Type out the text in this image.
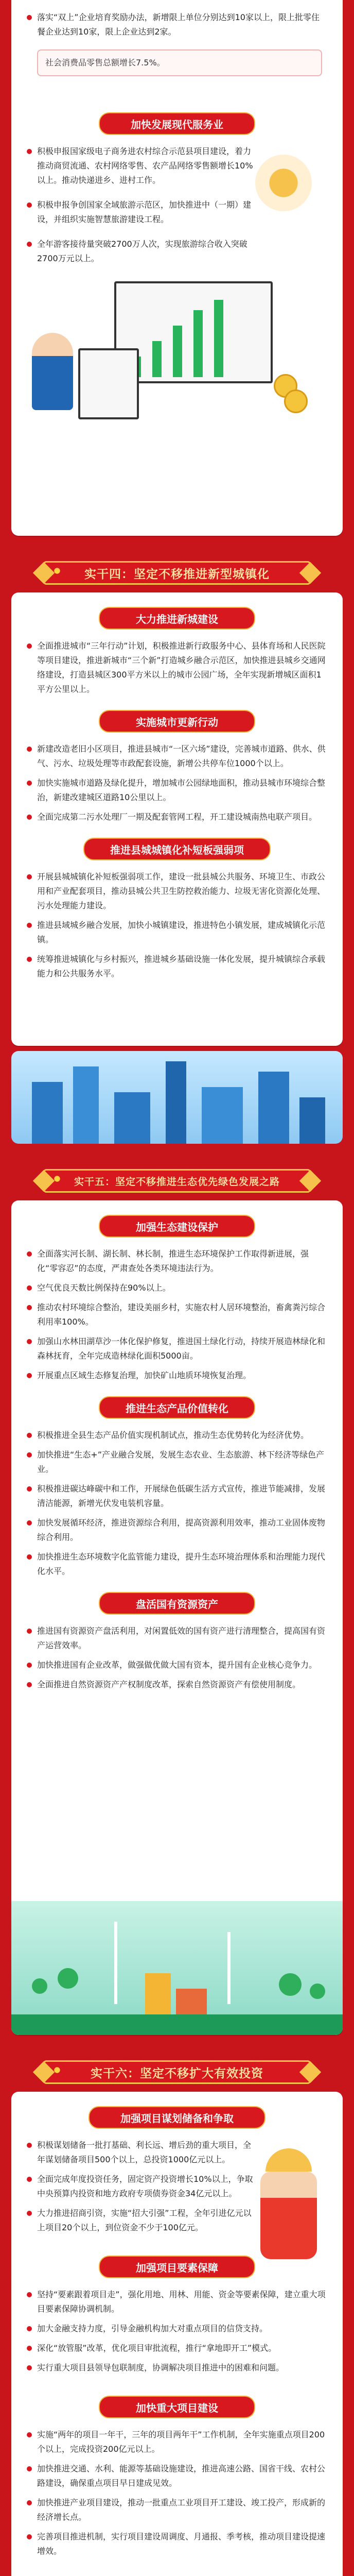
落实“双上”企业培育奖励办法，新增限上单位分别达到10家以上，限上批零住餐企业达到10家，限上企业达到2家。

社会消费品零售总额增长7.5%。
加快发展现代服务业

积极申报国家级电子商务进农村综合示范县项目建设，着力推动商贸流通、农村网络零售、农产品网络零售额增长10%以上。推动快递进乡、进村工作。

积极申报争创国家全域旅游示范区，加快推进中（一期）建设，并组织实施智慧旅游建设工程。

全年游客接待量突破2700万人次，实现旅游综合收入突破2700万元以上。

实干四：坚定不移推进新型城镇化
大力推进新城建设

全面推进城市“三年行动”计划，积极推进新行政服务中心、县体育场和人民医院等项目建设，推进新城市“三个新”打造城乡融合示范区，加快推进县城乡交通网络建设，打造县城区300平方米以上的城市公园广场，全年实现新增城区面积1平方公里以上。

实施城市更新行动

新建改造老旧小区项目，推进县城市“一区六场”建设，完善城市道路、供水、供气、污水、垃圾处理等市政配套设施，新增公共停车位1000个以上。

加快实施城市道路及绿化提升，增加城市公园绿地面积，推动县城市环境综合整治，新建改建城区道路10公里以上。

全面完成第二污水处理厂一期及配套管网工程，开工建设城南热电联产项目。

推进县城城镇化补短板强弱项

开展县城城镇化补短板强弱项工作，建设一批县城公共服务、环境卫生、市政公用和产业配套项目，推动县城公共卫生防控救治能力、垃圾无害化资源化处理、污水处理能力建设。

推进县域城乡融合发展，加快小城镇建设，推进特色小镇发展，建成城镇化示范镇。

统筹推进城镇化与乡村振兴，推进城乡基础设施一体化发展，提升城镇综合承载能力和公共服务水平。

实干五：坚定不移推进生态优先绿色发展之路
加强生态建设保护

全面落实河长制、湖长制、林长制，推进生态环境保护工作取得新进展，强化“零容忍”的态度，严肃查处各类环境违法行为。

空气优良天数比例保持在90%以上。

推动农村环境综合整治，建设美丽乡村，实施农村人居环境整治，畜禽粪污综合利用率100%。

加强山水林田湖草沙一体化保护修复，推进国土绿化行动，持续开展造林绿化和森林抚育，全年完成造林绿化面积5000亩。

开展重点区域生态修复治理，加快矿山地质环境恢复治理。

推进生态产品价值转化

积极推进全县生态产品价值实现机制试点，推动生态优势转化为经济优势。

加快推进“生态+”产业融合发展，发展生态农业、生态旅游、林下经济等绿色产业。

积极推进碳达峰碳中和工作，开展绿色低碳生活方式宣传，推进节能减排，发展清洁能源，新增光伏发电装机容量。

加快发展循环经济，推进资源综合利用，提高资源利用效率，推动工业固体废物综合利用。

加快推进生态环境数字化监管能力建设，提升生态环境治理体系和治理能力现代化水平。

盘活国有资源资产

推进国有资源资产盘活利用，对闲置低效的国有资产进行清理整合，提高国有资产运营效率。

加快推进国有企业改革，做强做优做大国有资本，提升国有企业核心竞争力。

全面推进自然资源资产产权制度改革，探索自然资源资产有偿使用制度。

实干六：坚定不移扩大有效投资
加强项目谋划储备和争取

积极谋划储备一批打基础、利长远、增后劲的重大项目，全年谋划储备项目500个以上，总投资1000亿元以上。

全面完成年度投资任务，固定资产投资增长10%以上，争取中央预算内投资和地方政府专项债券资金34亿元以上。

大力推进招商引资，实施“招大引强”工程，全年引进亿元以上项目20个以上，到位资金不少于100亿元。

加强项目要素保障

坚持“要素跟着项目走”，强化用地、用林、用能、资金等要素保障，建立重大项目要素保障协调机制。

加大金融支持力度，引导金融机构加大对重点项目的信贷支持。

深化“放管服”改革，优化项目审批流程，推行“拿地即开工”模式。

实行重大项目县领导包联制度，协调解决项目推进中的困难和问题。

加快重大项目建设

实施“两年的项目一年干，三年的项目两年干”工作机制，全年实施重点项目200个以上，完成投资200亿元以上。

加快推进交通、水利、能源等基础设施建设，推进高速公路、国省干线、农村公路建设，确保重点项目早日建成见效。

加快推进产业项目建设，推动一批重点工业项目开工建设、竣工投产，形成新的经济增长点。

完善项目推进机制，实行项目建设周调度、月通报、季考核，推动项目建设提速增效。
